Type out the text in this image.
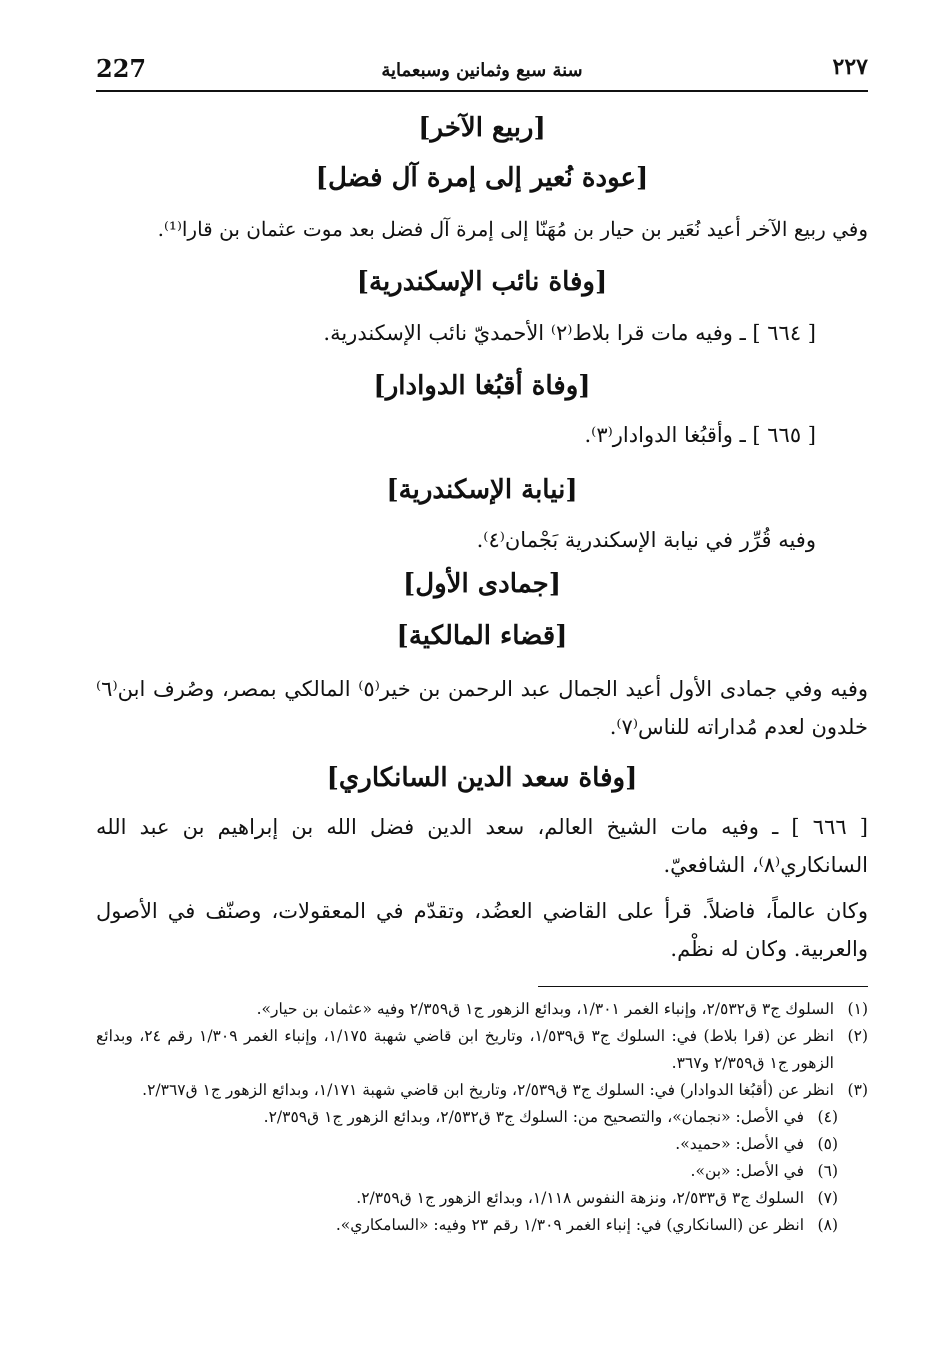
٢٢٧
سنة سبع وثمانين وسبعماية
227
[ربيع الآخر]
[عودة نُعير إلى إمرة آل فضل]
وفي ربيع الآخر أعيد نُعَير بن حيار بن مُهَنّا إلى إمرة آل فضل بعد موت عثمان بن قارا⁽¹⁾.
[وفاة نائب الإسكندرية]
[ ٦٦٤ ] ـ وفيه مات قرا بلاط⁽٢⁾ الأحمديّ نائب الإسكندرية.
[وفاة أقبُغا الدوادار]
[ ٦٦٥ ] ـ وأقبُغا الدوادار⁽٣⁾.
[نيابة الإسكندرية]
وفيه قُرِّر في نيابة الإسكندرية بَجْمان⁽٤⁾.
[جمادى الأول]
[قضاء المالكية]
وفيه وفي جمادى الأول أعيد الجمال عبد الرحمن بن خير⁽٥⁾ المالكي بمصر، وصُرف ابن⁽٦⁾ خلدون لعدم مُداراته للناس⁽٧⁾.
[وفاة سعد الدين السانكاري]
[ ٦٦٦ ] ـ وفيه مات الشيخ العالم، سعد الدين فضل الله بن إبراهيم بن عبد الله السانكاري⁽٨⁾، الشافعيّ.
وكان عالماً، فاضلاً. قرأ على القاضي العضُد، وتقدّم في المعقولات، وصنّف في الأصول والعربية. وكان له نظْم.
(١)
السلوك ج٣ ق٢/٥٣٢، وإنباء الغمر ١/٣٠١، وبدائع الزهور ج١ ق٢/٣٥٩ وفيه «عثمان بن حيار».
(٢)
انظر عن (قرا بلاط) في: السلوك ج٣ ق١/٥٣٩، وتاريخ ابن قاضي شهبة ١/١٧٥، وإنباء الغمر ١/٣٠٩ رقم ٢٤، وبدائع الزهور ج١ ق٢/٣٥٩ و٣٦٧.
(٣)
انظر عن (أقبُغا الدوادار) في: السلوك ج٣ ق٢/٥٣٩، وتاريخ ابن قاضي شهبة ١/١٧١، وبدائع الزهور ج١ ق٢/٣٦٧.
(٤)
في الأصل: «نجمان»، والتصحيح من: السلوك ج٣ ق٢/٥٣٢، وبدائع الزهور ج١ ق٢/٣٥٩.
(٥)
في الأصل: «حميد».
(٦)
في الأصل: «بن».
(٧)
السلوك ج٣ ق٢/٥٣٣، ونزهة النفوس ١/١١٨، وبدائع الزهور ج١ ق٢/٣٥٩.
(٨)
انظر عن (السانكاري) في: إنباء الغمر ١/٣٠٩ رقم ٢٣ وفيه: «السامكاري».
